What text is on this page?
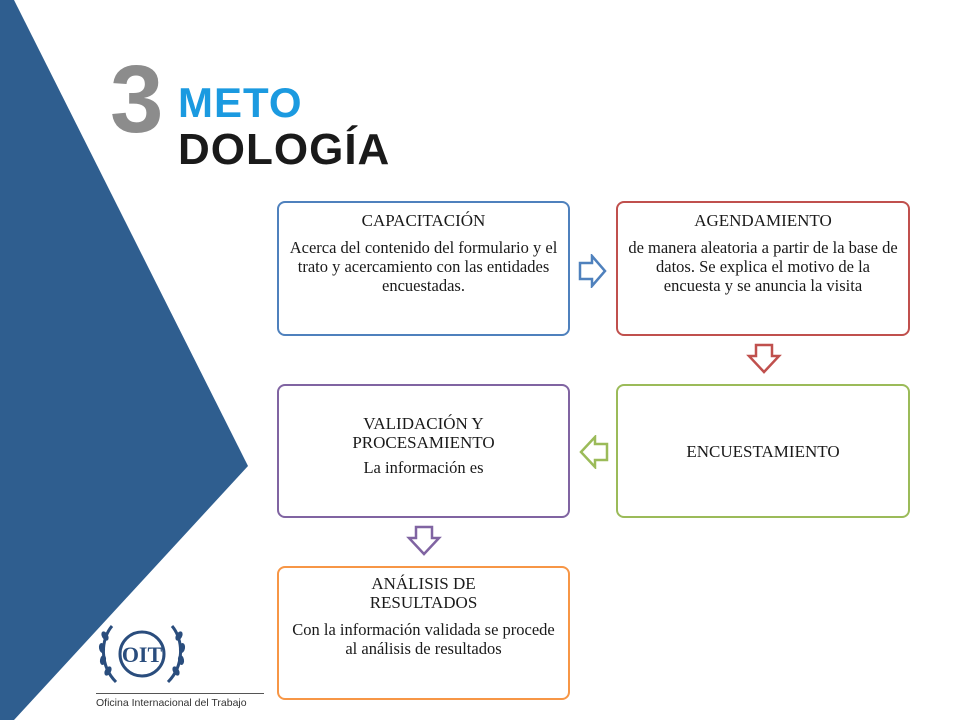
3 METO
DOLOGÍA
CAPACITACIÓN
Acerca del contenido del formulario y el trato y acercamiento con las entidades encuestadas.
AGENDAMIENTO
de manera aleatoria a partir de la base de datos. Se explica el motivo de la encuesta y se anuncia la visita
ENCUESTAMIENTO
VALIDACIÓN Y PROCESAMIENTO
La información es
ANÁLISIS DE RESULTADOS
Con la información validada se procede al análisis de resultados
OIT
Oficina Internacional del Trabajo
